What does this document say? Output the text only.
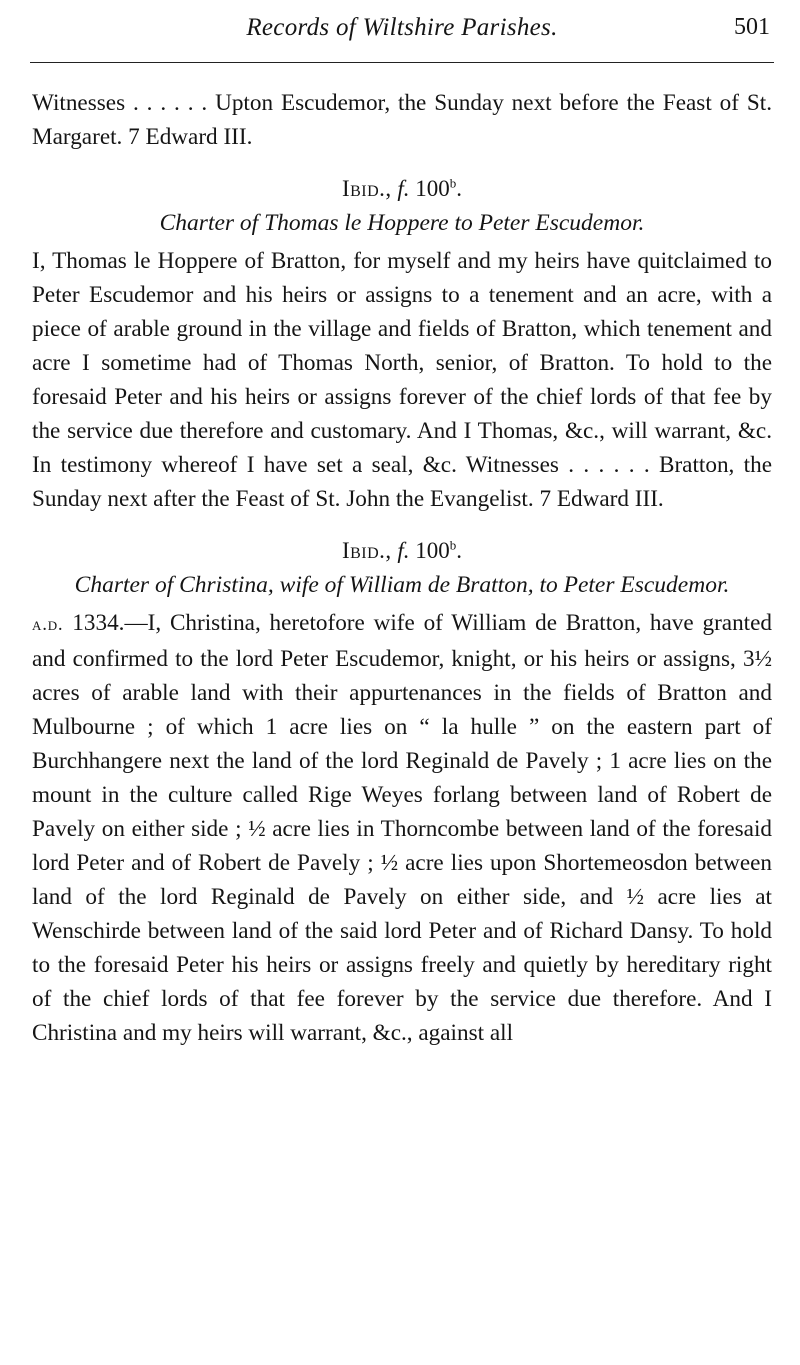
Records of Wiltshire Parishes.	501

Witnesses . . . . . . Upton Escudemor, the Sunday next before the Feast of St. Margaret. 7 Edward III.

Ibid., f. 100$^b$.

Charter of Thomas le Hoppere to Peter Escudemor.

I, Thomas le Hoppere of Bratton, for myself and my heirs have quitclaimed to Peter Escudemor and his heirs or assigns to a tenement and an acre, with a piece of arable ground in the village and fields of Bratton, which tenement and acre I sometime had of Thomas North, senior, of Bratton. To hold to the foresaid Peter and his heirs or assigns forever of the chief lords of that fee by the service due therefore and customary. And I Thomas, &c., will warrant, &c. In testimony whereof I have set a seal, &c. Witnesses . . . . . . Bratton, the Sunday next after the Feast of St. John the Evangelist. 7 Edward III.

Ibid., f. 100$^b$.

Charter of Christina, wife of William de Bratton, to Peter Escudemor.

a.d. 1334.—I, Christina, heretofore wife of William de Bratton, have granted and confirmed to the lord Peter Escudemor, knight, or his heirs or assigns, 3½ acres of arable land with their appurtenances in the fields of Bratton and Mulbourne ; of which 1 acre lies on “ la hulle ” on the eastern part of Burchhangere next the land of the lord Reginald de Pavely ; 1 acre lies on the mount in the culture called Rige Weyes forlang between land of Robert de Pavely on either side ; ½ acre lies in Thorncombe between land of the foresaid lord Peter and of Robert de Pavely ; ½ acre lies upon Shortemeosdon between land of the lord Reginald de Pavely on either side, and ½ acre lies at Wenschirde between land of the said lord Peter and of Richard Dansy. To hold to the foresaid Peter his heirs or assigns freely and quietly by hereditary right of the chief lords of that fee forever by the service due therefore. And I Christina and my heirs will warrant, &c., against all
